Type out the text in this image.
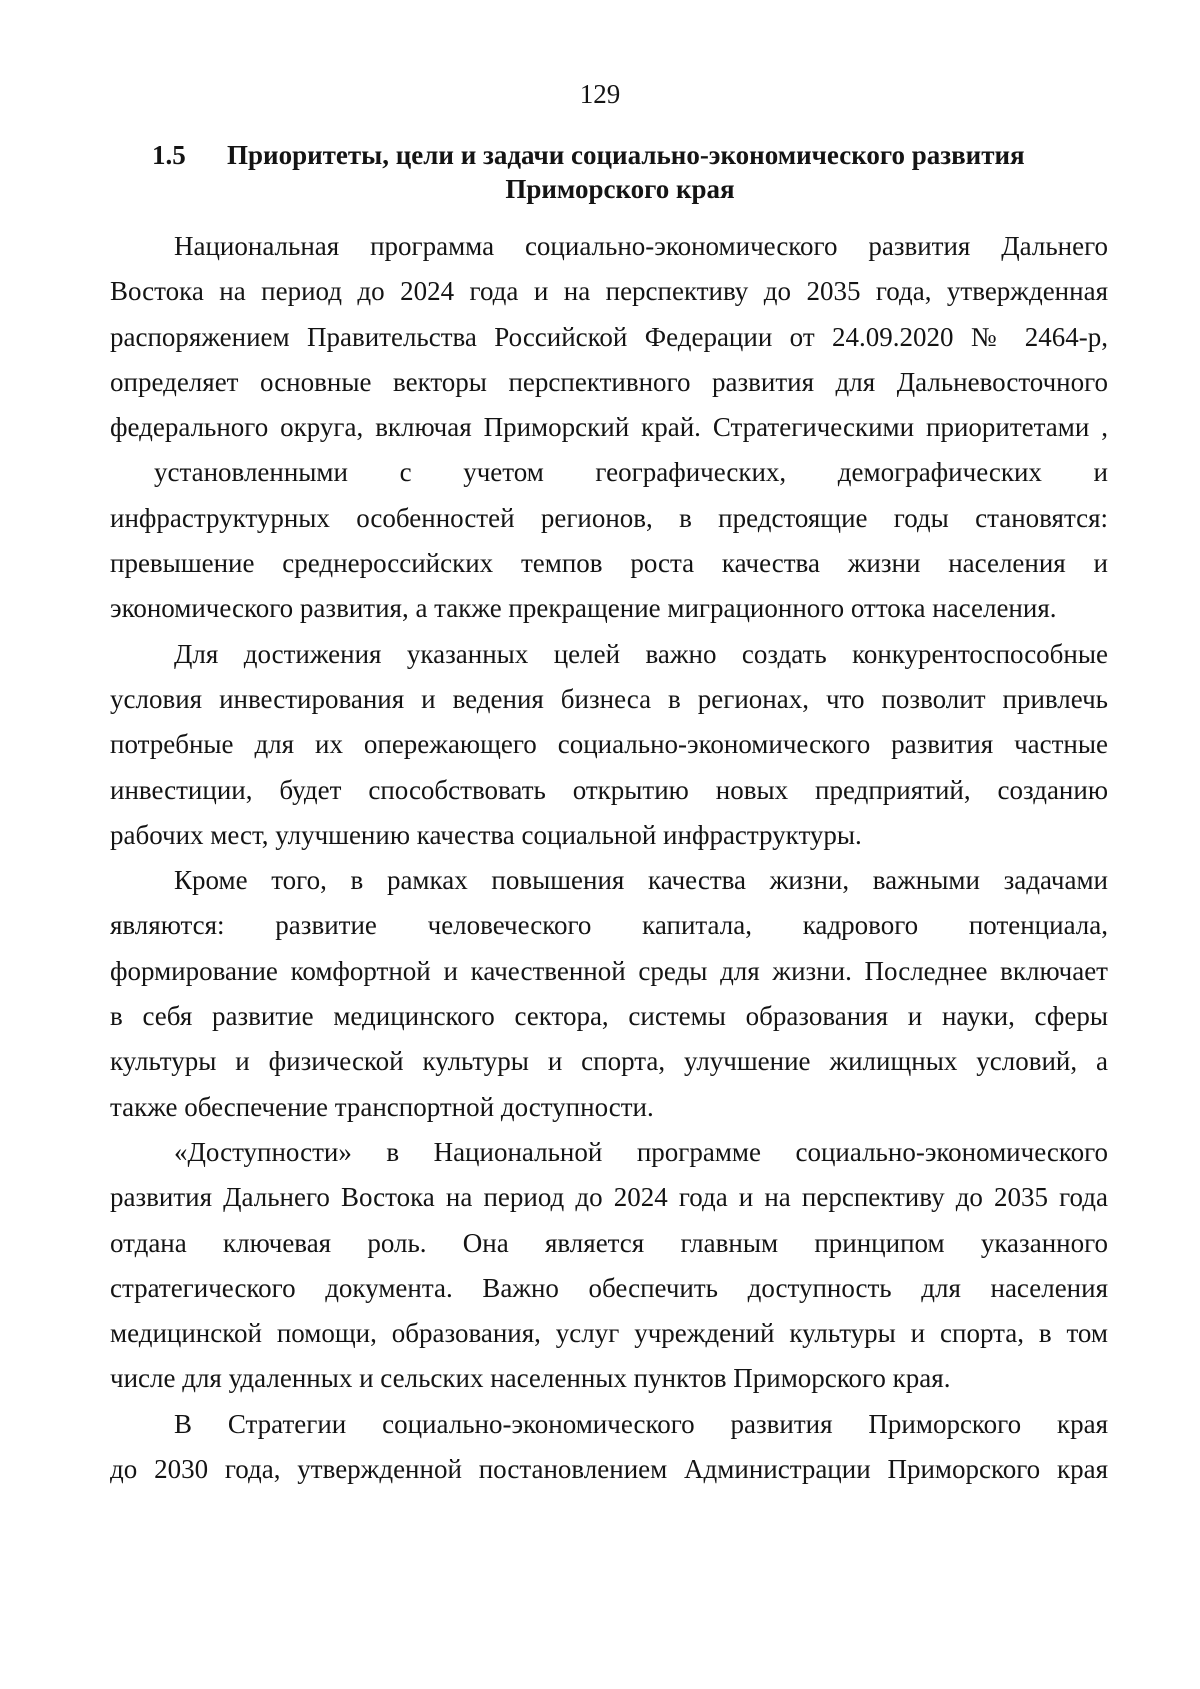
129
1.5 Приоритеты, цели и задачи социально-экономического развития
Приморского края
Национальная программа социально-экономического развития Дальнего
Востока на период до 2024 года и на перспективу до 2035 года, утвержденная
распоряжением Правительства Российской Федерации от 24.09.2020 № 2464-р,
определяет основные векторы перспективного развития для Дальневосточного
федерального округа, включая Приморский край. Стратегическими приоритетами ,
установленными с учетом географических, демографических и
инфраструктурных особенностей регионов, в предстоящие годы становятся:
превышение среднероссийских темпов роста качества жизни населения и
экономического развития, а также прекращение миграционного оттока населения.
Для достижения указанных целей важно создать конкурентоспособные
условия инвестирования и ведения бизнеса в регионах, что позволит привлечь
потребные для их опережающего социально-экономического развития частные
инвестиции, будет способствовать открытию новых предприятий, созданию
рабочих мест, улучшению качества социальной инфраструктуры.
Кроме того, в рамках повышения качества жизни, важными задачами
являются: развитие человеческого капитала, кадрового потенциала,
формирование комфортной и качественной среды для жизни. Последнее включает
в себя развитие медицинского сектора, системы образования и науки, сферы
культуры и физической культуры и спорта, улучшение жилищных условий, а
также обеспечение транспортной доступности.
«Доступности» в Национальной программе социально-экономического
развития Дальнего Востока на период до 2024 года и на перспективу до 2035 года
отдана ключевая роль. Она является главным принципом указанного
стратегического документа. Важно обеспечить доступность для населения
медицинской помощи, образования, услуг учреждений культуры и спорта, в том
числе для удаленных и сельских населенных пунктов Приморского края.
В Стратегии социально-экономического развития Приморского края
до 2030 года, утвержденной постановлением Администрации Приморского края
